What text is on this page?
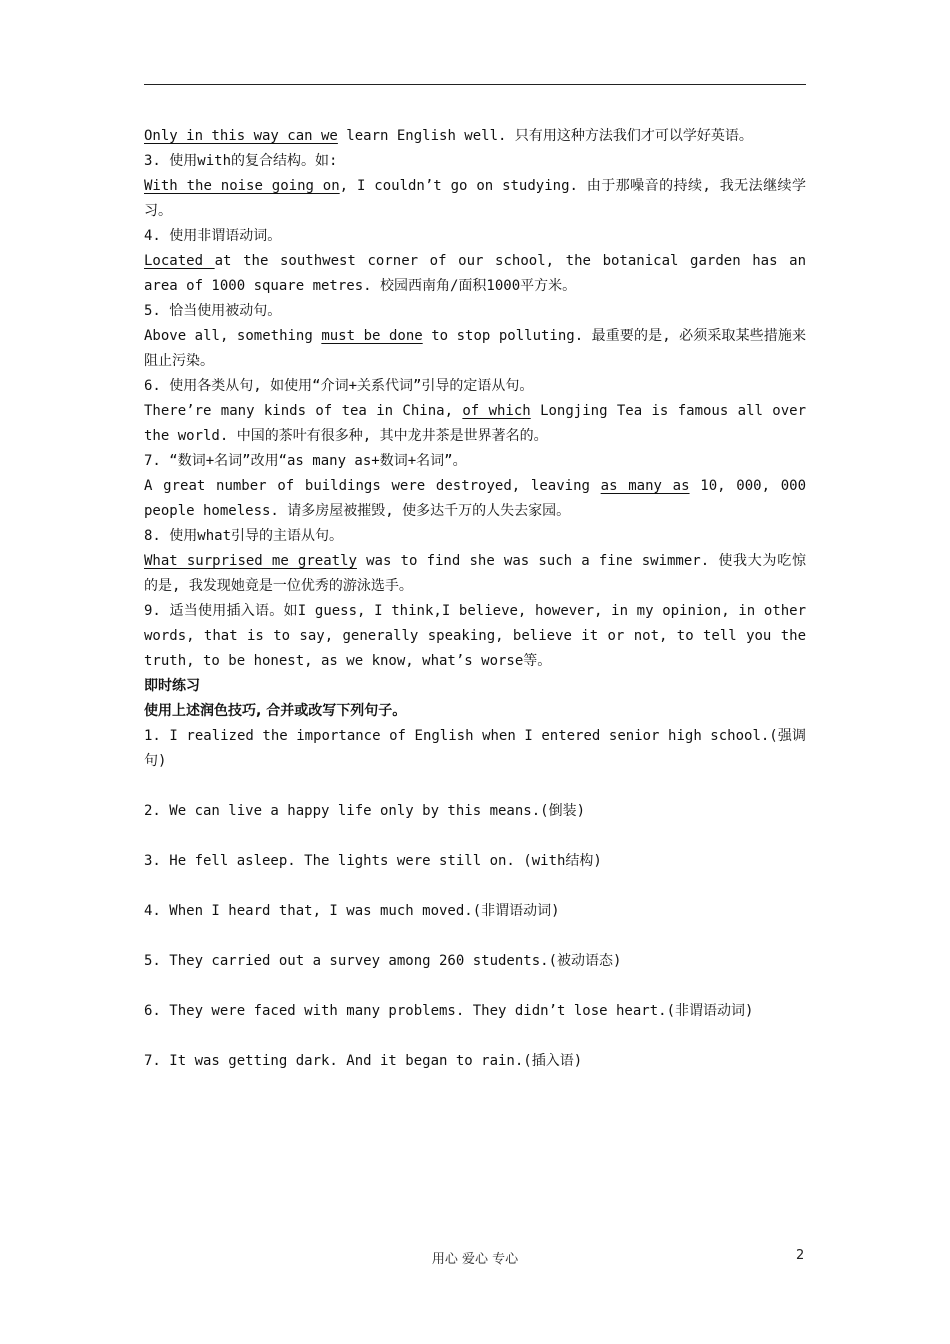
Only in this way can we learn English well. 只有用这种方法我们才可以学好英语。

3. 使用with的复合结构。如:

With the noise going on, I couldn’t go on studying. 由于那噪音的持续, 我无法继续学习。

4. 使用非谓语动词。

Located at the southwest corner of our school, the botanical garden has an area of 1000 square metres. 校园西南角/面积1000平方米。

5. 恰当使用被动句。

Above all, something must be done to stop polluting. 最重要的是, 必须采取某些措施来阻止污染。

6. 使用各类从句, 如使用“介词+关系代词”引导的定语从句。

There’re many kinds of tea in China, of which Longjing Tea is famous all over the world. 中国的茶叶有很多种, 其中龙井茶是世界著名的。

7. “数词+名词”改用“as many as+数词+名词”。

A great number of buildings were destroyed, leaving as many as 10, 000, 000 people homeless. 请多房屋被摧毁, 使多达千万的人失去家园。

8. 使用what引导的主语从句。

What surprised me greatly was to find she was such a fine swimmer. 使我大为吃惊的是, 我发现她竟是一位优秀的游泳选手。

9. 适当使用插入语。如I guess, I think,I believe, however, in my opinion, in other words, that is to say, generally speaking, believe it or not, to tell you the truth, to be honest, as we know, what’s worse等。

即时练习

使用上述润色技巧, 合并或改写下列句子。

1. I realized the importance of English when I entered senior high school.(强调句)

2. We can live a happy life only by this means.(倒装)

3. He fell asleep. The lights were still on. (with结构)

4. When I heard that, I was much moved.(非谓语动词)

5. They carried out a survey among 260 students.(被动语态)

6. They were faced with many problems. They didn’t lose heart.(非谓语动词)

7. It was getting dark. And it began to rain.(插入语)

用心 爱心 专心	2
